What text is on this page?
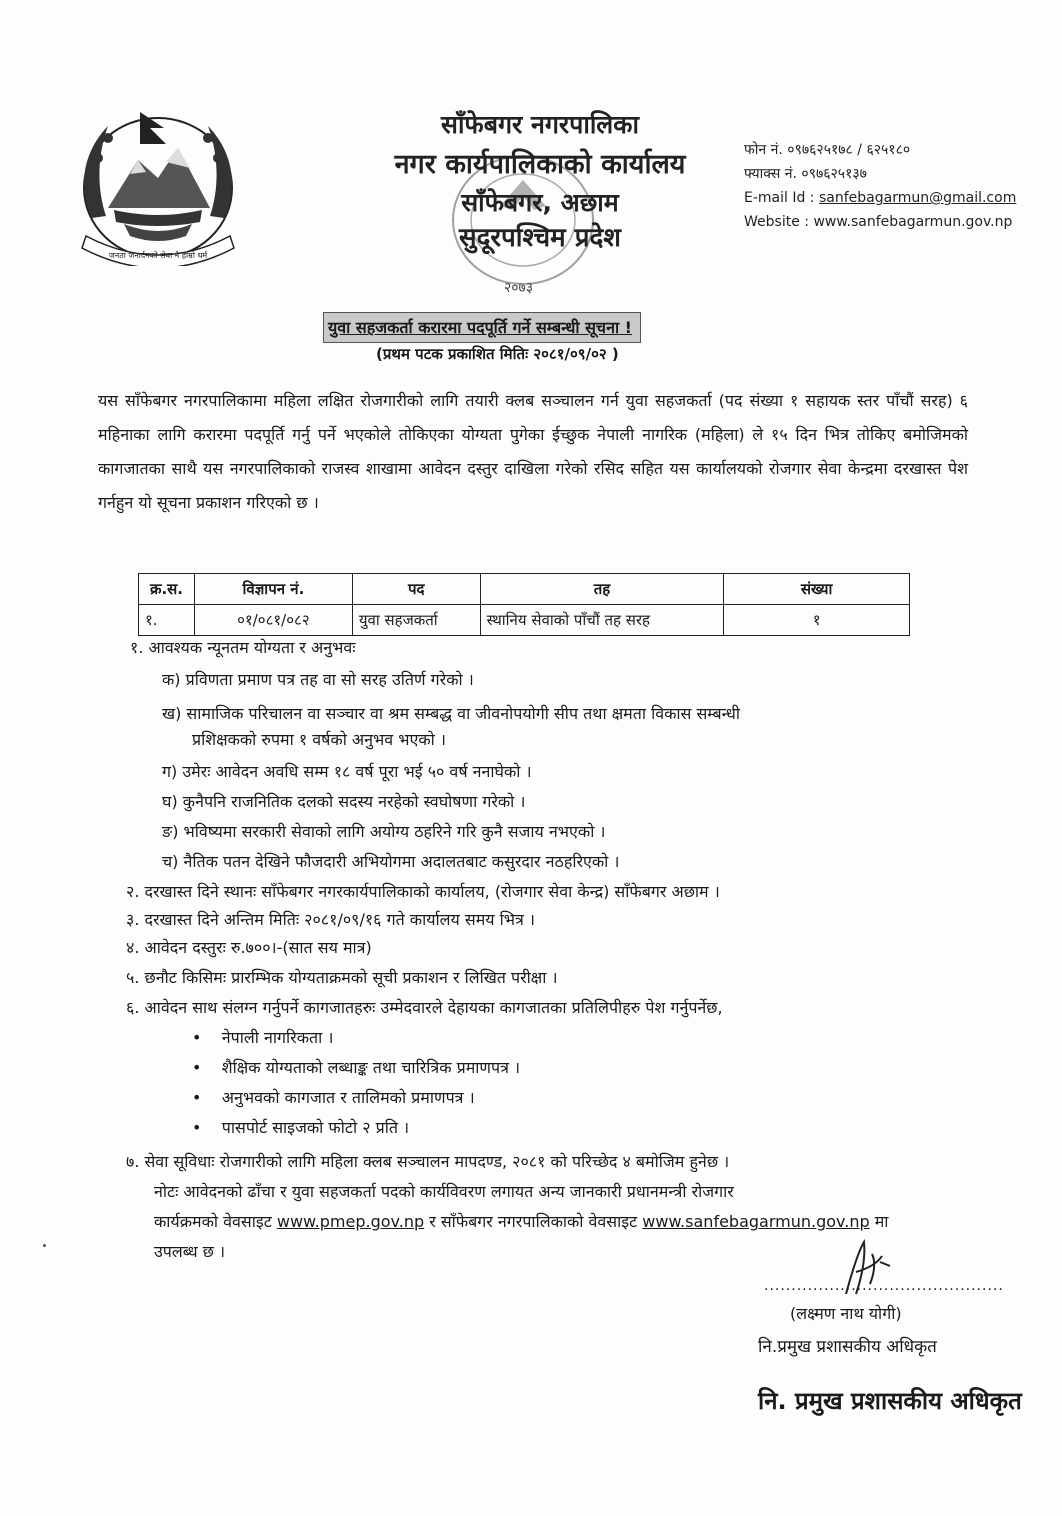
जनता जनार्दनको सेवा नै हाम्रो धर्म
साँफेबगर नगरपालिका
नगर कार्यपालिकाको कार्यालय
साँफेबगर, अछाम
सुदूरपश्चिम प्रदेश
२०७३
फोन नं. ०९७६२५१७८ / ६२५१८०
फ्याक्स नं. ०९७६२५१३७
E-mail Id : sanfebagarmun@gmail.com
Website : www.sanfebagarmun.gov.np
युवा सहजकर्ता करारमा पदपूर्ति गर्ने सम्बन्धी सूचना !
(प्रथम पटक प्रकाशित मितिः २०८१/०९/०२ )
यस साँफेबगर नगरपालिकामा महिला लक्षित रोजगारीको लागि तयारी क्लब सञ्चालन गर्न युवा सहजकर्ता (पद संख्या १ सहायक स्तर पाँचौं सरह) ६ महिनाका लागि करारमा पदपूर्ति गर्नु पर्ने भएकोले तोकिएका योग्यता पुगेका ईच्छुक नेपाली नागरिक (महिला) ले १५ दिन भित्र तोकिए बमोजिमको कागजातका साथै यस नगरपालिकाको राजस्व शाखामा आवेदन दस्तुर दाखिला गरेको रसिद सहित यस कार्यालयको रोजगार सेवा केन्द्रमा दरखास्त पेश गर्नहुन यो सूचना प्रकाशन गरिएको छ ।
क्र.स.	विज्ञापन नं.	पद	तह	संख्या
१.	०१/०८१/०८२	युवा सहजकर्ता	स्थानिय सेवाको पाँचौं तह सरह	१
१. आवश्यक न्यूनतम योग्यता र अनुभवः
क) प्रविणता प्रमाण पत्र तह वा सो सरह उतिर्ण गरेको ।
ख) सामाजिक परिचालन वा सञ्चार वा श्रम सम्बद्ध वा जीवनोपयोगी सीप तथा क्षमता विकास सम्बन्धी
प्रशिक्षकको रुपमा १ वर्षको अनुभव भएको ।
ग) उमेरः आवेदन अवधि सम्म १८ वर्ष पूरा भई ५० वर्ष ननाघेको ।
घ) कुनैपनि राजनितिक दलको सदस्य नरहेको स्वघोषणा गरेको ।
ङ) भविष्यमा सरकारी सेवाको लागि अयोग्य ठहरिने गरि कुनै सजाय नभएको ।
च) नैतिक पतन देखिने फौजदारी अभियोगमा अदालतबाट कसुरदार नठहरिएको ।
२. दरखास्त दिने स्थानः साँफेबगर नगरकार्यपालिकाको कार्यालय, (रोजगार सेवा केन्द्र) साँफेबगर अछाम ।
३. दरखास्त दिने अन्तिम मितिः २०८१/०९/१६ गते कार्यालय समय भित्र ।
४. आवेदन दस्तुरः रु.७००।-(सात सय मात्र)
५. छनौट किसिमः प्रारम्भिक योग्यताक्रमको सूची प्रकाशन र लिखित परीक्षा ।
६. आवेदन साथ संलग्न गर्नुपर्ने कागजातहरुः उम्मेदवारले देहायका कागजातका प्रतिलिपीहरु पेश गर्नुपर्नेछ,
•    नेपाली नागरिकता ।
•    शैक्षिक योग्यताको लब्धाङ्क तथा चारित्रिक प्रमाणपत्र ।
•    अनुभवको कागजात र तालिमको प्रमाणपत्र ।
•    पासपोर्ट साइजको फोटो २ प्रति ।
७. सेवा सूविधाः रोजगारीको लागि महिला क्लब सञ्चालन मापदण्ड, २०८१ को परिच्छेद ४ बमोजिम हुनेछ ।
नोटः आवेदनको ढाँचा र युवा सहजकर्ता पदको कार्यविवरण लगायत अन्य जानकारी प्रधानमन्त्री रोजगार
कार्यक्रमको वेवसाइट www.pmep.gov.np र साँफेबगर नगरपालिकाको वेवसाइट www.sanfebagarmun.gov.np मा
उपलब्ध छ ।
............................................
(लक्ष्मण नाथ योगी)
नि.प्रमुख प्रशासकीय अधिकृत
नि. प्रमुख प्रशासकीय अधिकृत
